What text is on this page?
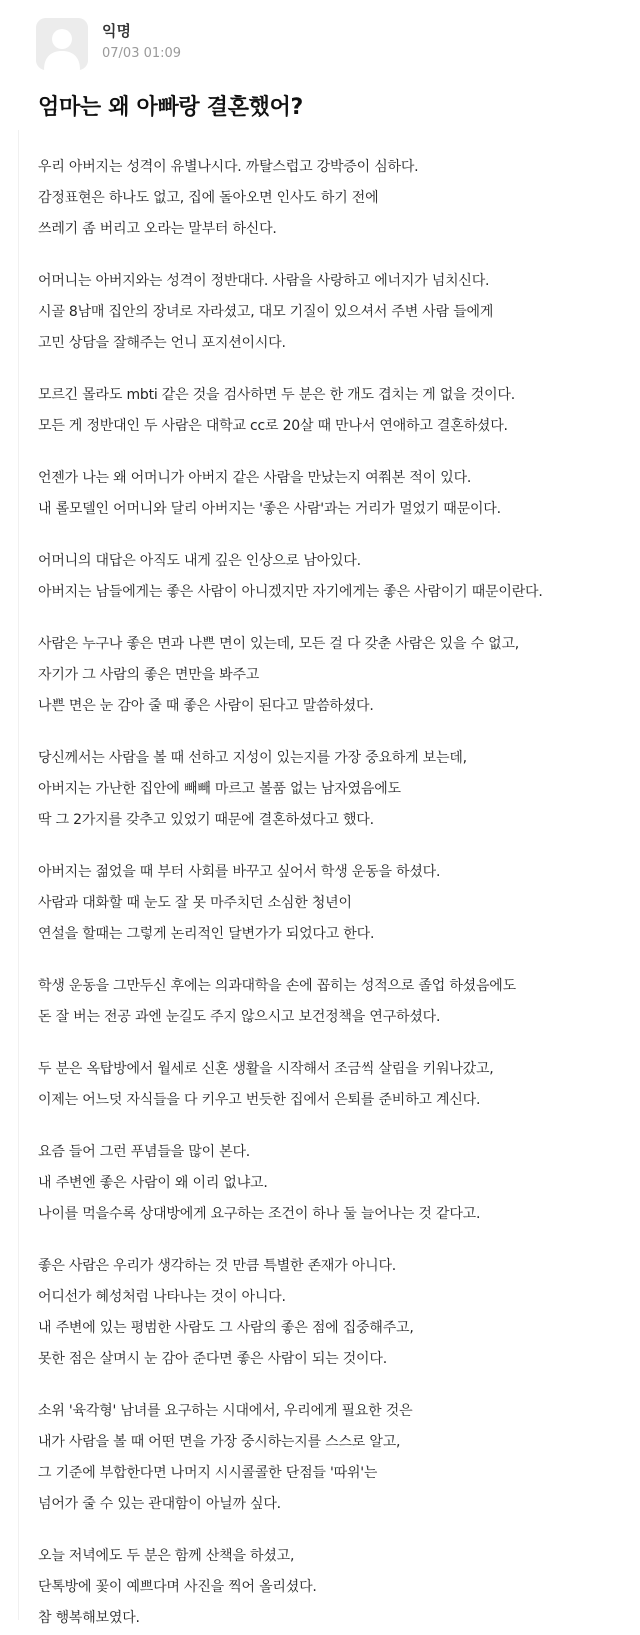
익명
07/03 01:09
엄마는 왜 아빠랑 결혼했어?
우리 아버지는 성격이 유별나시다. 까탈스럽고 강박증이 심하다.
감정표현은 하나도 없고, 집에 돌아오면 인사도 하기 전에
쓰레기 좀 버리고 오라는 말부터 하신다.
어머니는 아버지와는 성격이 정반대다. 사람을 사랑하고 에너지가 넘치신다.
시골 8남매 집안의 장녀로 자라셨고, 대모 기질이 있으셔서 주변 사람 들에게
고민 상담을 잘해주는 언니 포지션이시다.
모르긴 몰라도 mbti 같은 것을 검사하면 두 분은 한 개도 겹치는 게 없을 것이다.
모든 게 정반대인 두 사람은 대학교 cc로 20살 때 만나서 연애하고 결혼하셨다.
언젠가 나는 왜 어머니가 아버지 같은 사람을 만났는지 여쭤본 적이 있다.
내 롤모델인 어머니와 달리 아버지는 '좋은 사람'과는 거리가 멀었기 때문이다.
어머니의 대답은 아직도 내게 깊은 인상으로 남아있다.
아버지는 남들에게는 좋은 사람이 아니겠지만 자기에게는 좋은 사람이기 때문이란다.
사람은 누구나 좋은 면과 나쁜 면이 있는데, 모든 걸 다 갖춘 사람은 있을 수 없고,
자기가 그 사람의 좋은 면만을 봐주고
나쁜 면은 눈 감아 줄 때 좋은 사람이 된다고 말씀하셨다.
당신께서는 사람을 볼 때 선하고 지성이 있는지를 가장 중요하게 보는데,
아버지는 가난한 집안에 빼빼 마르고 볼품 없는 남자였음에도
딱 그 2가지를 갖추고 있었기 때문에 결혼하셨다고 했다.
아버지는 젊었을 때 부터 사회를 바꾸고 싶어서 학생 운동을 하셨다.
사람과 대화할 때 눈도 잘 못 마주치던 소심한 청년이
연설을 할때는 그렇게 논리적인 달변가가 되었다고 한다.
학생 운동을 그만두신 후에는 의과대학을 손에 꼽히는 성적으로 졸업 하셨음에도
돈 잘 버는 전공 과엔 눈길도 주지 않으시고 보건정책을 연구하셨다.
두 분은 옥탑방에서 월세로 신혼 생활을 시작해서 조금씩 살림을 키워나갔고,
이제는 어느덧 자식들을 다 키우고 번듯한 집에서 은퇴를 준비하고 계신다.
요즘 들어 그런 푸념들을 많이 본다.
내 주변엔 좋은 사람이 왜 이리 없냐고.
나이를 먹을수록 상대방에게 요구하는 조건이 하나 둘 늘어나는 것 같다고.
좋은 사람은 우리가 생각하는 것 만큼 특별한 존재가 아니다.
어디선가 혜성처럼 나타나는 것이 아니다.
내 주변에 있는 평범한 사람도 그 사람의 좋은 점에 집중해주고,
못한 점은 살며시 눈 감아 준다면 좋은 사람이 되는 것이다.
소위 '육각형' 남녀를 요구하는 시대에서, 우리에게 필요한 것은
내가 사람을 볼 때 어떤 면을 가장 중시하는지를 스스로 알고,
그 기준에 부합한다면 나머지 시시콜콜한 단점들 '따위'는
넘어가 줄 수 있는 관대함이 아닐까 싶다.
오늘 저녁에도 두 분은 함께 산책을 하셨고,
단톡방에 꽃이 예쁘다며 사진을 찍어 올리셨다.
참 행복해보였다.
